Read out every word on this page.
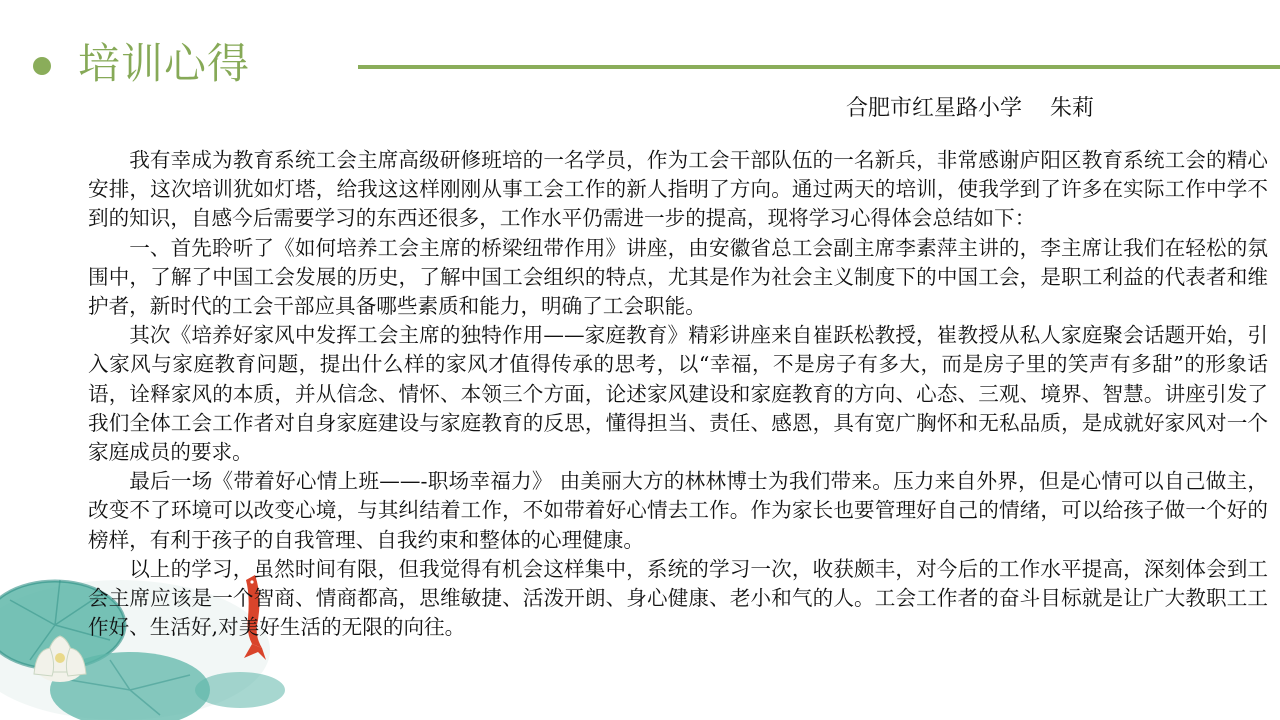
培训心得
合肥市红星路小学 朱莉

我有幸成为教育系统工会主席高级研修班培的一名学员，作为工会干部队伍的一名新兵，非常感谢庐阳区教育系统工会的精心安排，这次培训犹如灯塔，给我这这样刚刚从事工会工作的新人指明了方向。通过两天的培训，使我学到了许多在实际工作中学不到的知识，自感今后需要学习的东西还很多，工作水平仍需进一步的提高，现将学习心得体会总结如下：

一、首先聆听了《如何培养工会主席的桥梁纽带作用》讲座，由安徽省总工会副主席李素萍主讲的，李主席让我们在轻松的氛围中，了解了中国工会发展的历史，了解中国工会组织的特点，尤其是作为社会主义制度下的中国工会，是职工利益的代表者和维护者，新时代的工会干部应具备哪些素质和能力，明确了工会职能。

其次《培养好家风中发挥工会主席的独特作用——家庭教育》精彩讲座来自崔跃松教授，崔教授从私人家庭聚会话题开始，引入家风与家庭教育问题，提出什么样的家风才值得传承的思考，以“幸福，不是房子有多大，而是房子里的笑声有多甜”的形象话语，诠释家风的本质，并从信念、情怀、本领三个方面，论述家风建设和家庭教育的方向、心态、三观、境界、智慧。讲座引发了我们全体工会工作者对自身家庭建设与家庭教育的反思，懂得担当、责任、感恩，具有宽广胸怀和无私品质，是成就好家风对一个家庭成员的要求。

最后一场《带着好心情上班——-职场幸福力》 由美丽大方的林林博士为我们带来。压力来自外界，但是心情可以自己做主，改变不了环境可以改变心境，与其纠结着工作，不如带着好心情去工作。作为家长也要管理好自己的情绪，可以给孩子做一个好的榜样，有利于孩子的自我管理、自我约束和整体的心理健康。

以上的学习，虽然时间有限，但我觉得有机会这样集中，系统的学习一次，收获颇丰，对今后的工作水平提高，深刻体会到工会主席应该是一个智商、情商都高，思维敏捷、活泼开朗、身心健康、老小和气的人。工会工作者的奋斗目标就是让广大教职工工作好、生活好,对美好生活的无限的向往。
